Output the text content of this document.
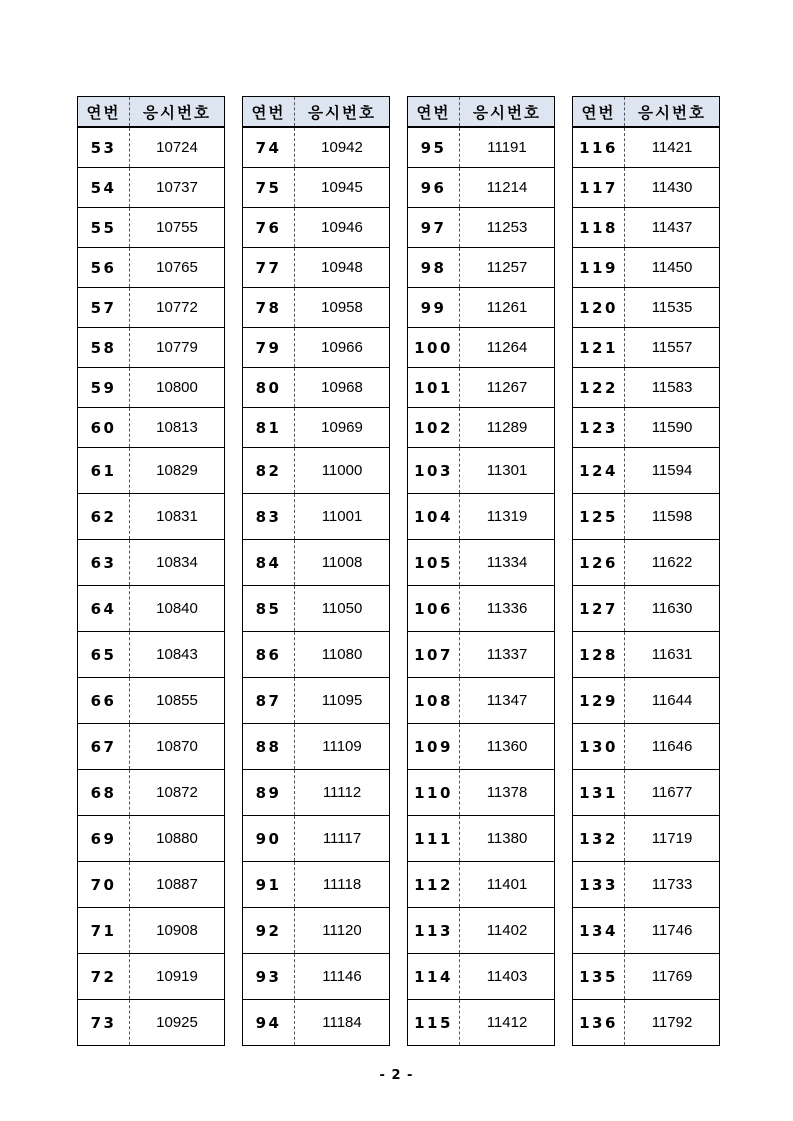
연번	응시번호
53	10724
54	10737
55	10755
56	10765
57	10772
58	10779
59	10800
60	10813
61	10829
62	10831
63	10834
64	10840
65	10843
66	10855
67	10870
68	10872
69	10880
70	10887
71	10908
72	10919
73	10925
연번	응시번호
74	10942
75	10945
76	10946
77	10948
78	10958
79	10966
80	10968
81	10969
82	11000
83	11001
84	11008
85	11050
86	11080
87	11095
88	11109
89	11112
90	11117
91	11118
92	11120
93	11146
94	11184
연번	응시번호
95	11191
96	11214
97	11253
98	11257
99	11261
100	11264
101	11267
102	11289
103	11301
104	11319
105	11334
106	11336
107	11337
108	11347
109	11360
110	11378
111	11380
112	11401
113	11402
114	11403
115	11412
연번	응시번호
116	11421
117	11430
118	11437
119	11450
120	11535
121	11557
122	11583
123	11590
124	11594
125	11598
126	11622
127	11630
128	11631
129	11644
130	11646
131	11677
132	11719
133	11733
134	11746
135	11769
136	11792
- 2 -
